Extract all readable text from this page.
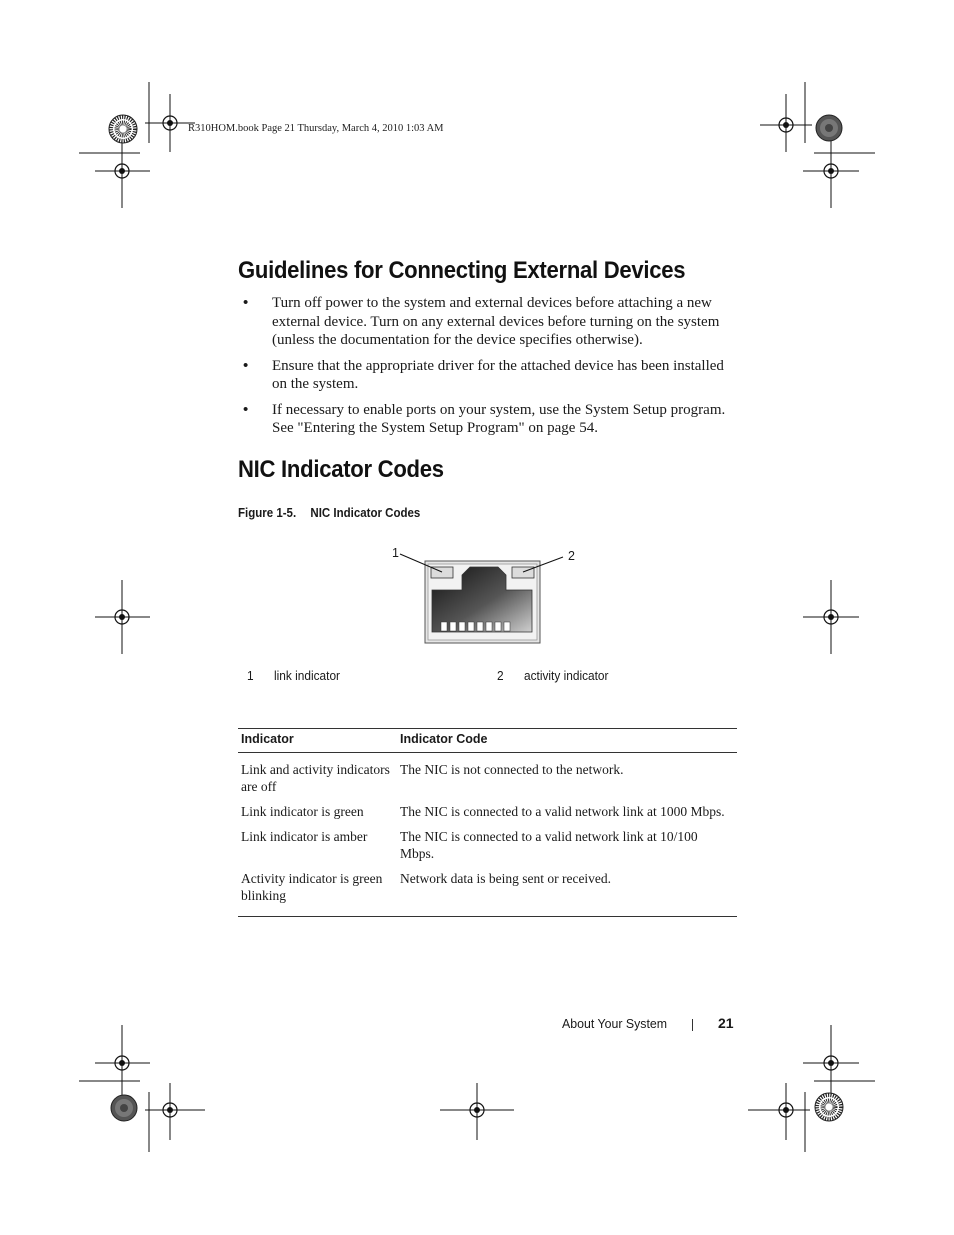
R310HOM.book Page 21 Thursday, March 4, 2010 1:03 AM
Guidelines for Connecting External Devices
• Turn off power to the system and external devices before attaching a new external device. Turn on any external devices before turning on the system (unless the documentation for the device specifies otherwise).
• Ensure that the appropriate driver for the attached device has been installed on the system.
• If necessary to enable ports on your system, use the System Setup program. See "Entering the System Setup Program" on page 54.
NIC Indicator Codes
Figure 1-5. NIC Indicator Codes
1	2
1 link indicator	2 activity indicator
Indicator	Indicator Code
Link and activity indicators are off	The NIC is not connected to the network.
Link indicator is green	The NIC is connected to a valid network link at 1000 Mbps.
Link indicator is amber	The NIC is connected to a valid network link at 10/100 Mbps.
Activity indicator is green blinking	Network data is being sent or received.
About Your System	21
